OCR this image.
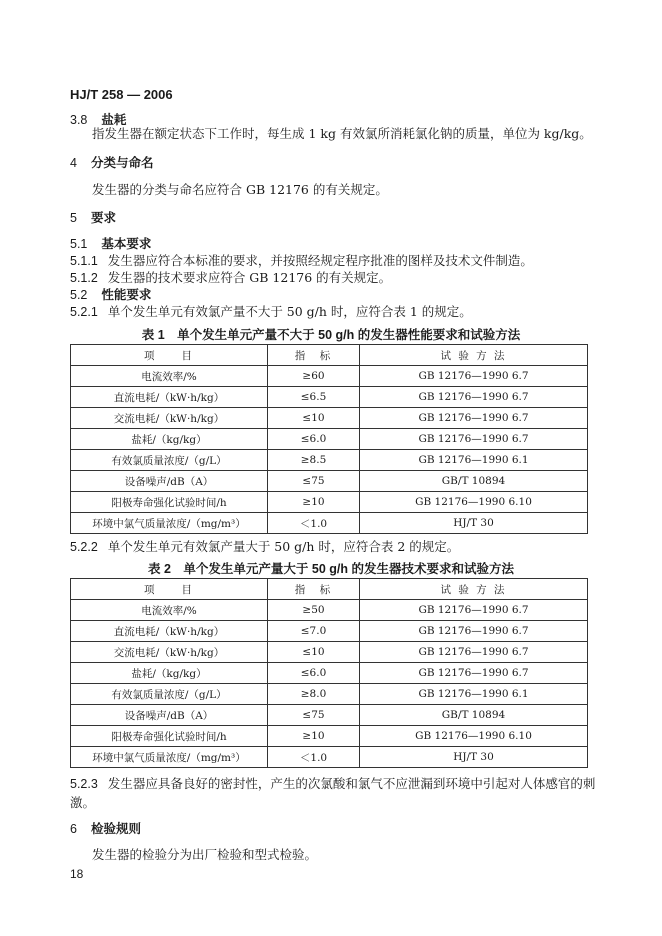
HJ/T 258 — 2006
3.8 盐耗
指发生器在额定状态下工作时，每生成 1 kg 有效氯所消耗氯化钠的质量，单位为 kg/kg。
4 分类与命名
发生器的分类与命名应符合 GB 12176 的有关规定。
5 要求
5.1 基本要求
5.1.1 发生器应符合本标准的要求，并按照经规定程序批准的图样及技术文件制造。
5.1.2 发生器的技术要求应符合 GB 12176 的有关规定。
5.2 性能要求
5.2.1 单个发生单元有效氯产量不大于 50 g/h 时，应符合表 1 的规定。
表 1　单个发生单元产量不大于 50 g/h 的发生器性能要求和试验方法
项　　目	指　标	试 验 方 法
电流效率/%	≥60	GB 12176—1990 6.7
直流电耗/（kW·h/kg）	≤6.5	GB 12176—1990 6.7
交流电耗/（kW·h/kg）	≤10	GB 12176—1990 6.7
盐耗/（kg/kg）	≤6.0	GB 12176—1990 6.7
有效氯质量浓度/（g/L）	≥8.5	GB 12176—1990 6.1
设备噪声/dB（A）	≤75	GB/T 10894
阳极寿命强化试验时间/h	≥10	GB 12176—1990 6.10
环境中氯气质量浓度/（mg/m³）	＜1.0	HJ/T 30
5.2.2 单个发生单元有效氯产量大于 50 g/h 时，应符合表 2 的规定。
表 2　单个发生单元产量大于 50 g/h 的发生器技术要求和试验方法
项　　目	指　标	试 验 方 法
电流效率/%	≥50	GB 12176—1990 6.7
直流电耗/（kW·h/kg）	≤7.0	GB 12176—1990 6.7
交流电耗/（kW·h/kg）	≤10	GB 12176—1990 6.7
盐耗/（kg/kg）	≤6.0	GB 12176—1990 6.7
有效氯质量浓度/（g/L）	≥8.0	GB 12176—1990 6.1
设备噪声/dB（A）	≤75	GB/T 10894
阳极寿命强化试验时间/h	≥10	GB 12176—1990 6.10
环境中氯气质量浓度/（mg/m³）	＜1.0	HJ/T 30
5.2.3 发生器应具备良好的密封性，产生的次氯酸和氯气不应泄漏到环境中引起对人体感官的刺
激。
6 检验规则
发生器的检验分为出厂检验和型式检验。
18
